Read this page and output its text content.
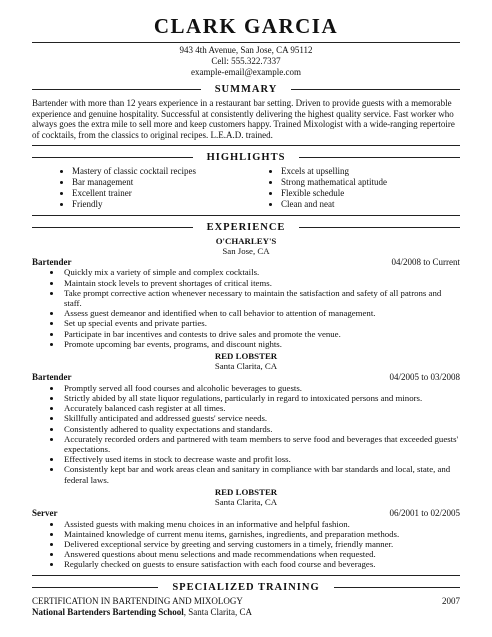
CLARK GARCIA
943 4th Avenue, San Jose, CA 95112
Cell: 555.322.7337
example-email@example.com
SUMMARY
Bartender with more than 12 years experience in a restaurant bar setting. Driven to provide guests with a memorable experience and genuine hospitality. Successful at consistently delivering the highest quality service. Fast worker who always goes the extra mile to sell more and keep customers happy. Trained Mixologist with a wide-ranging repertoire of cocktails, from the classics to original recipes. L.E.A.D. trained.
HIGHLIGHTS
• Mastery of classic cocktail recipes
• Bar management
• Excellent trainer
• Friendly
• Excels at upselling
• Strong mathematical aptitude
• Flexible schedule
• Clean and neat
EXPERIENCE
O'CHARLEY'S
San Jose, CA
Bartender	04/2008 to Current
• Quickly mix a variety of simple and complex cocktails.
• Maintain stock levels to prevent shortages of critical items.
• Take prompt corrective action whenever necessary to maintain the satisfaction and safety of all patrons and staff.
• Assess guest demeanor and identified when to call behavior to attention of management.
• Set up special events and private parties.
• Participate in bar incentives and contests to drive sales and promote the venue.
• Promote upcoming bar events, programs, and discount nights.
RED LOBSTER
Santa Clarita, CA
Bartender	04/2005 to 03/2008
• Promptly served all food courses and alcoholic beverages to guests.
• Strictly abided by all state liquor regulations, particularly in regard to intoxicated persons and minors.
• Accurately balanced cash register at all times.
• Skillfully anticipated and addressed guests' service needs.
• Consistently adhered to quality expectations and standards.
• Accurately recorded orders and partnered with team members to serve food and beverages that exceeded guests' expectations.
• Effectively used items in stock to decrease waste and profit loss.
• Consistently kept bar and work areas clean and sanitary in compliance with bar standards and local, state, and federal laws.
RED LOBSTER
Santa Clarita, CA
Server	06/2001 to 02/2005
• Assisted guests with making menu choices in an informative and helpful fashion.
• Maintained knowledge of current menu items, garnishes, ingredients, and preparation methods.
• Delivered exceptional service by greeting and serving customers in a timely, friendly manner.
• Answered questions about menu selections and made recommendations when requested.
• Regularly checked on guests to ensure satisfaction with each food course and beverages.
SPECIALIZED TRAINING
CERTIFICATION IN BARTENDING AND MIXOLOGY	2007
National Bartenders Bartending School, Santa Clarita, CA
